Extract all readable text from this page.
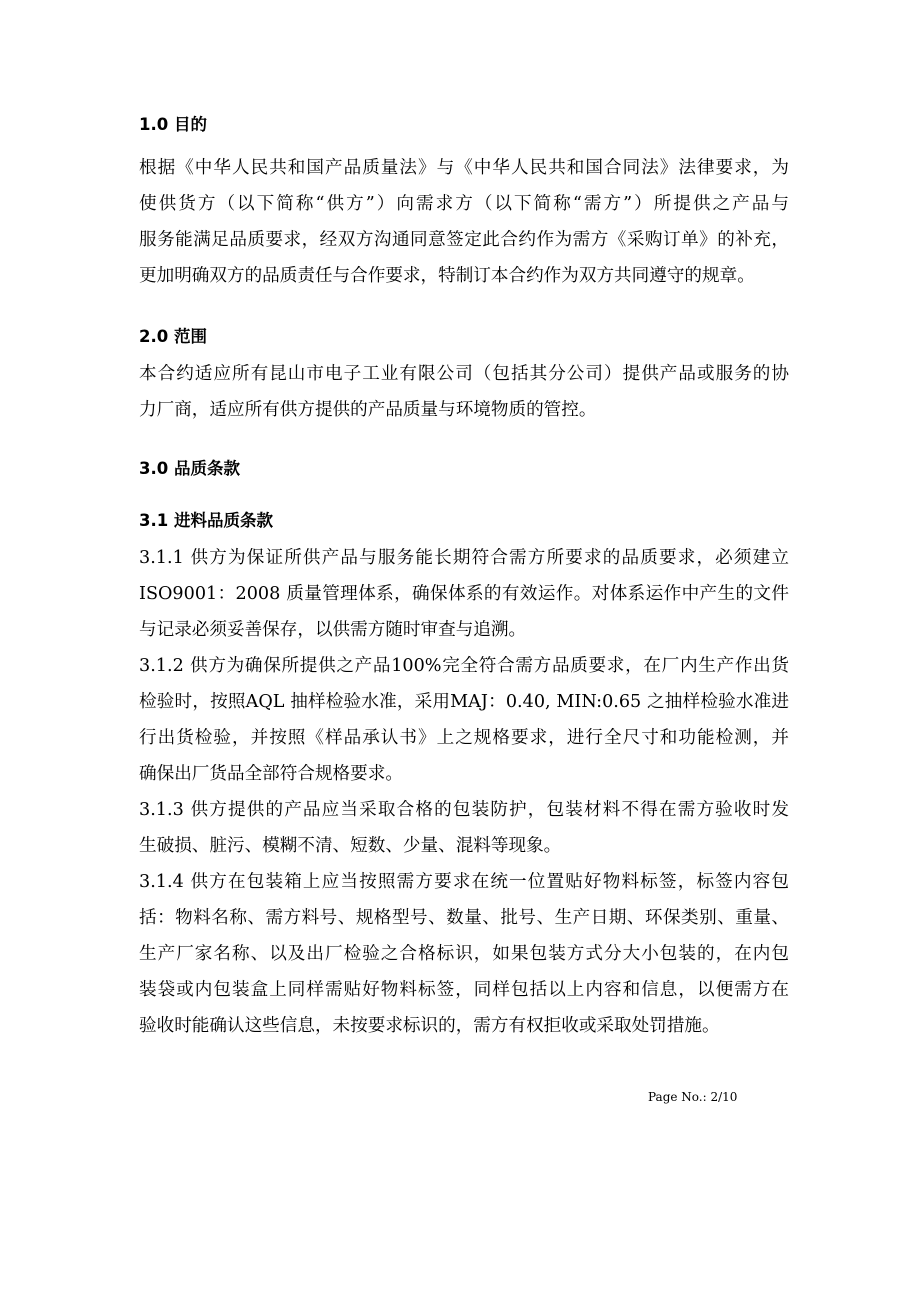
1.0 目的
根据《中华人民共和国产品质量法》与《中华人民共和国合同法》法律要求，为
使供货方（以下简称“供方”）向需求方（以下简称“需方”）所提供之产品与
服务能满足品质要求，经双方沟通同意签定此合约作为需方《采购订单》的补充，
更加明确双方的品质责任与合作要求，特制订本合约作为双方共同遵守的规章。
2.0 范围
本合约适应所有昆山市电子工业有限公司（包括其分公司）提供产品或服务的协
力厂商，适应所有供方提供的产品质量与环境物质的管控。
3.0 品质条款
3.1 进料品质条款
3.1.1 供方为保证所供产品与服务能长期符合需方所要求的品质要求，必须建立
ISO9001：2008 质量管理体系，确保体系的有效运作。对体系运作中产生的文件
与记录必须妥善保存，以供需方随时审查与追溯。
3.1.2 供方为确保所提供之产品100%完全符合需方品质要求，在厂内生产作出货
检验时，按照AQL 抽样检验水准，采用MAJ：0.40, MIN:0.65 之抽样检验水准进
行出货检验，并按照《样品承认书》上之规格要求，进行全尺寸和功能检测，并
确保出厂货品全部符合规格要求。
3.1.3 供方提供的产品应当采取合格的包装防护，包装材料不得在需方验收时发
生破损、脏污、模糊不清、短数、少量、混料等现象。
3.1.4 供方在包装箱上应当按照需方要求在统一位置贴好物料标签，标签内容包
括：物料名称、需方料号、规格型号、数量、批号、生产日期、环保类别、重量、
生产厂家名称、以及出厂检验之合格标识，如果包装方式分大小包装的，在内包
装袋或内包装盒上同样需贴好物料标签，同样包括以上内容和信息，以便需方在
验收时能确认这些信息，未按要求标识的，需方有权拒收或采取处罚措施。
Page No.: 2/10
